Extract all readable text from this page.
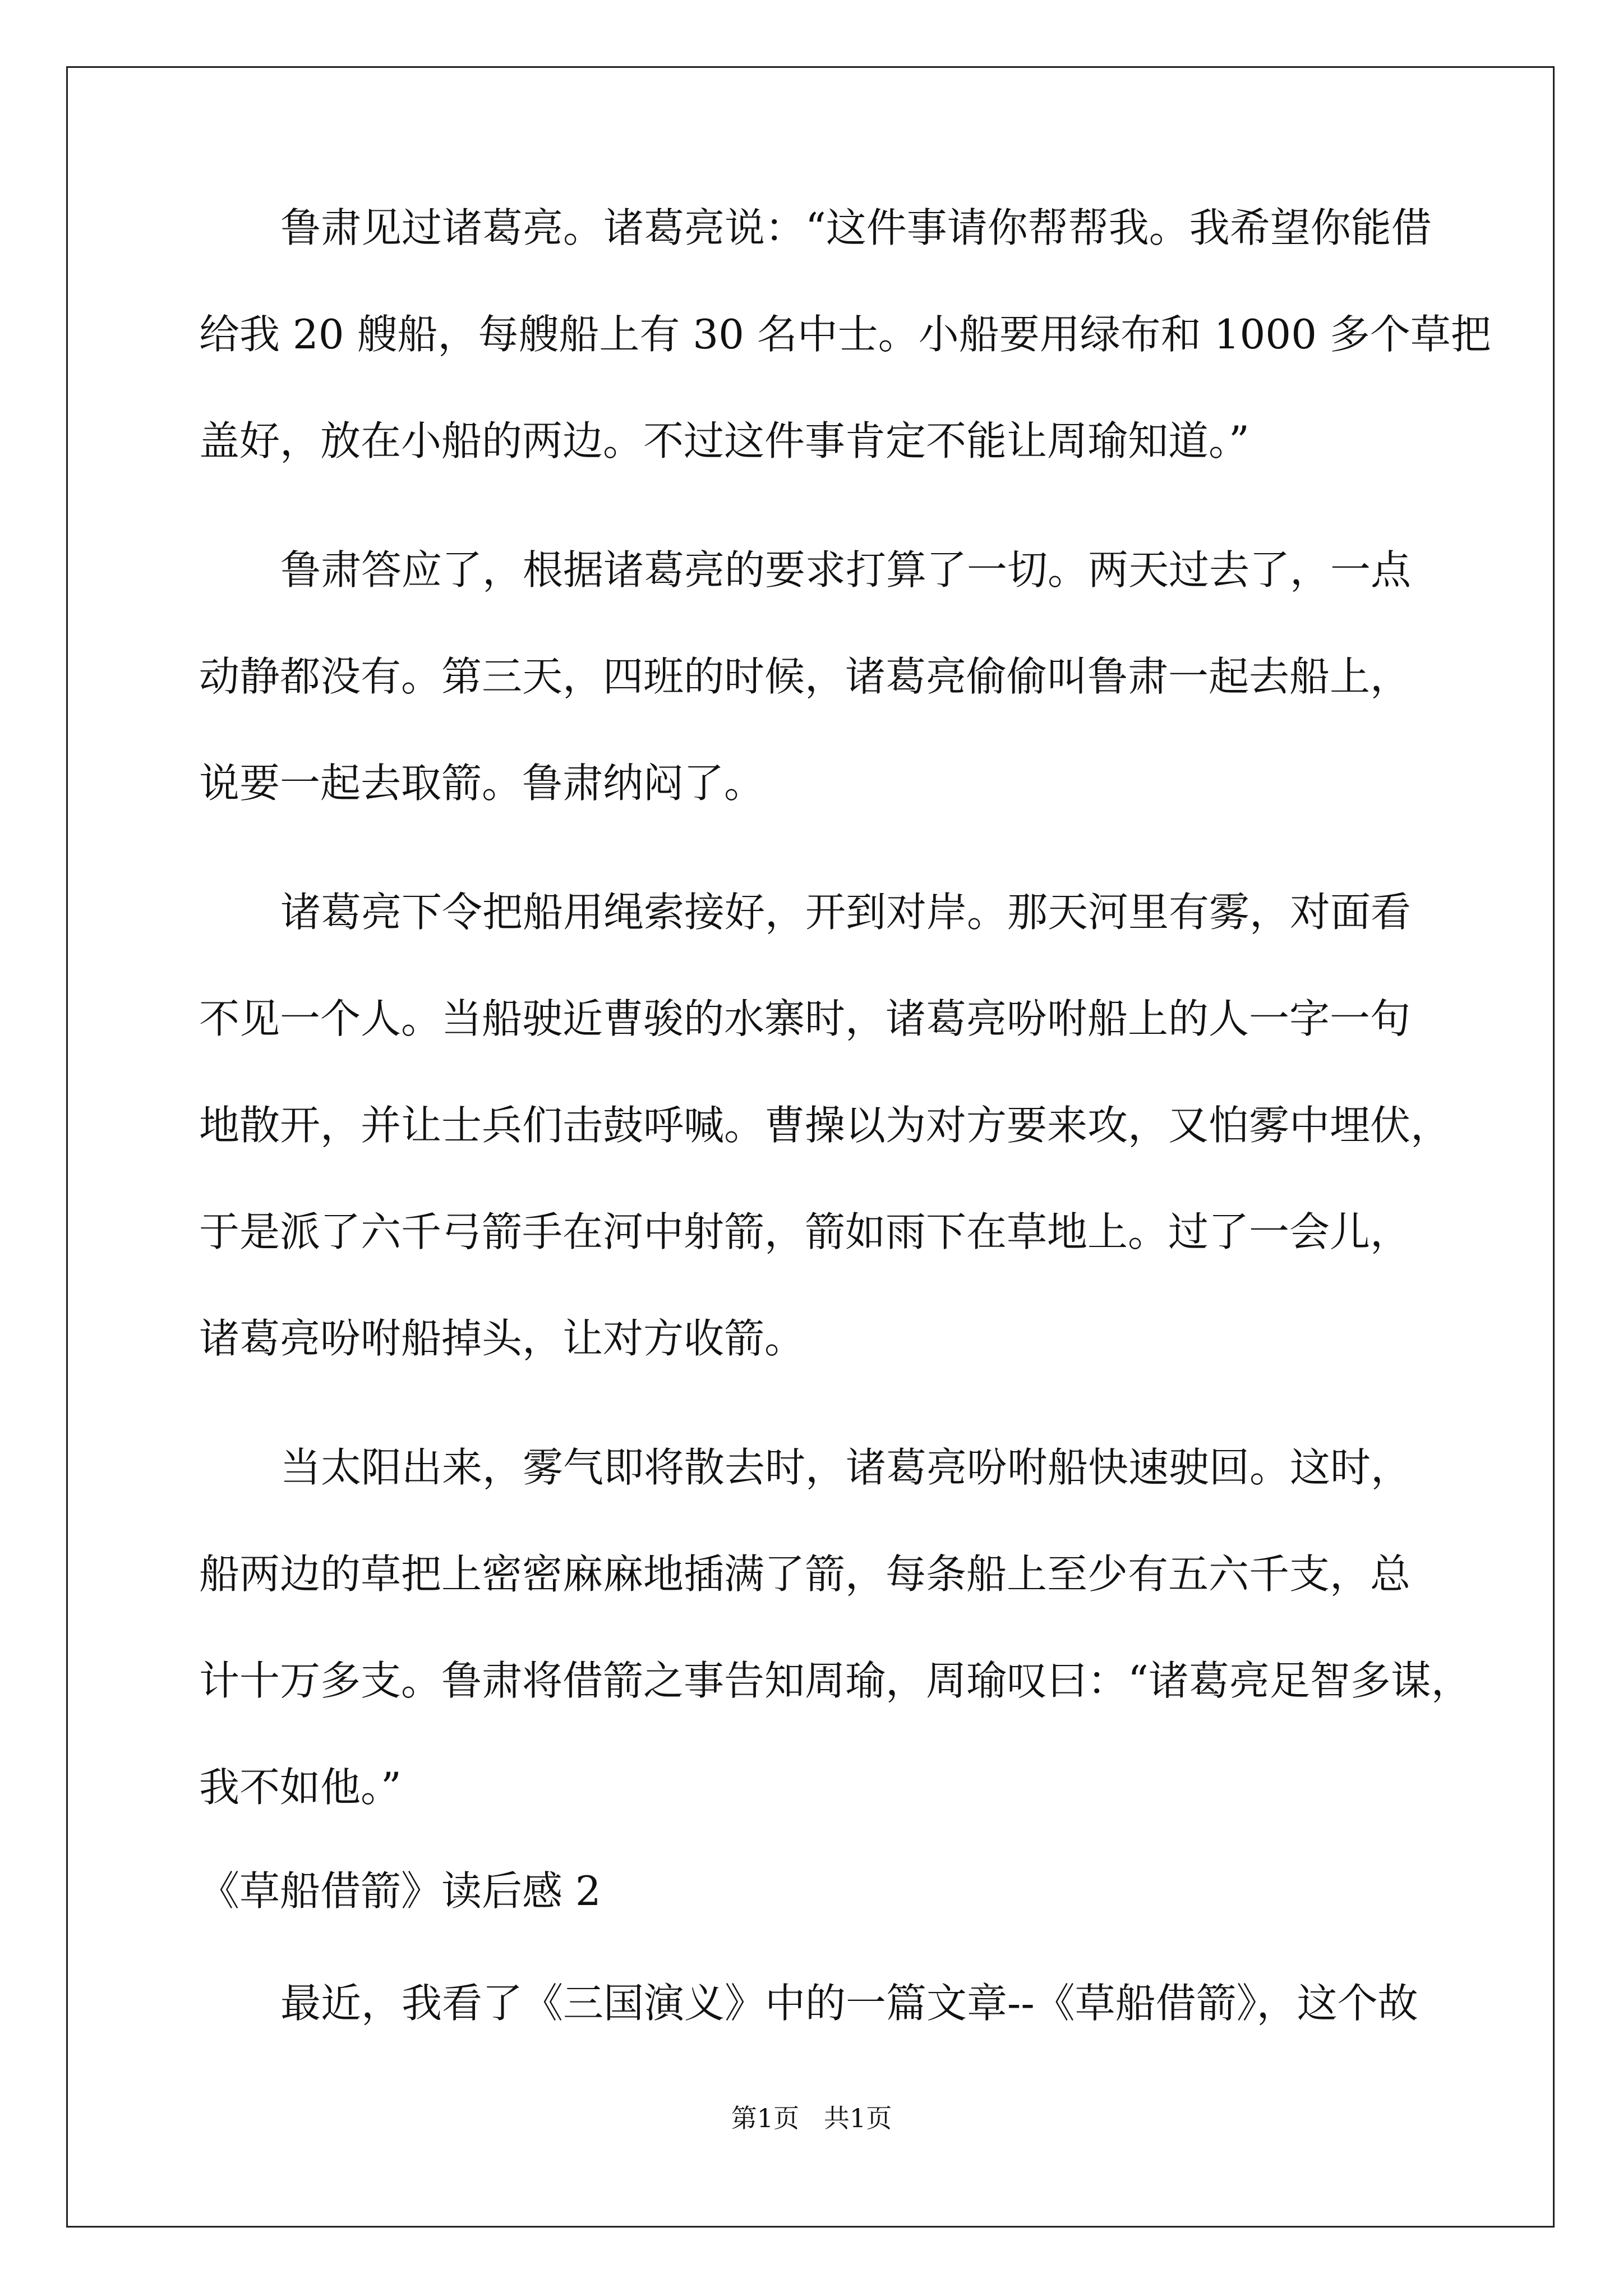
鲁肃见过诸葛亮。诸葛亮说：“这件事请你帮帮我。我希望你能借
给我 20 艘船，每艘船上有 30 名中士。小船要用绿布和 1000 多个草把
盖好，放在小船的两边。不过这件事肯定不能让周瑜知道。”
鲁肃答应了，根据诸葛亮的要求打算了一切。两天过去了，一点
动静都没有。第三天，四班的时候，诸葛亮偷偷叫鲁肃一起去船上，
说要一起去取箭。鲁肃纳闷了。
诸葛亮下令把船用绳索接好，开到对岸。那天河里有雾，对面看
不见一个人。当船驶近曹骏的水寨时，诸葛亮吩咐船上的人一字一句
地散开，并让士兵们击鼓呼喊。曹操以为对方要来攻，又怕雾中埋伏，
于是派了六千弓箭手在河中射箭，箭如雨下在草地上。过了一会儿，
诸葛亮吩咐船掉头，让对方收箭。
当太阳出来，雾气即将散去时，诸葛亮吩咐船快速驶回。这时，
船两边的草把上密密麻麻地插满了箭，每条船上至少有五六千支，总
计十万多支。鲁肃将借箭之事告知周瑜，周瑜叹曰：“诸葛亮足智多谋，
我不如他。”
《草船借箭》读后感 2
最近，我看了《三国演义》中的一篇文章--《草船借箭》，这个故
第1页   共1页
